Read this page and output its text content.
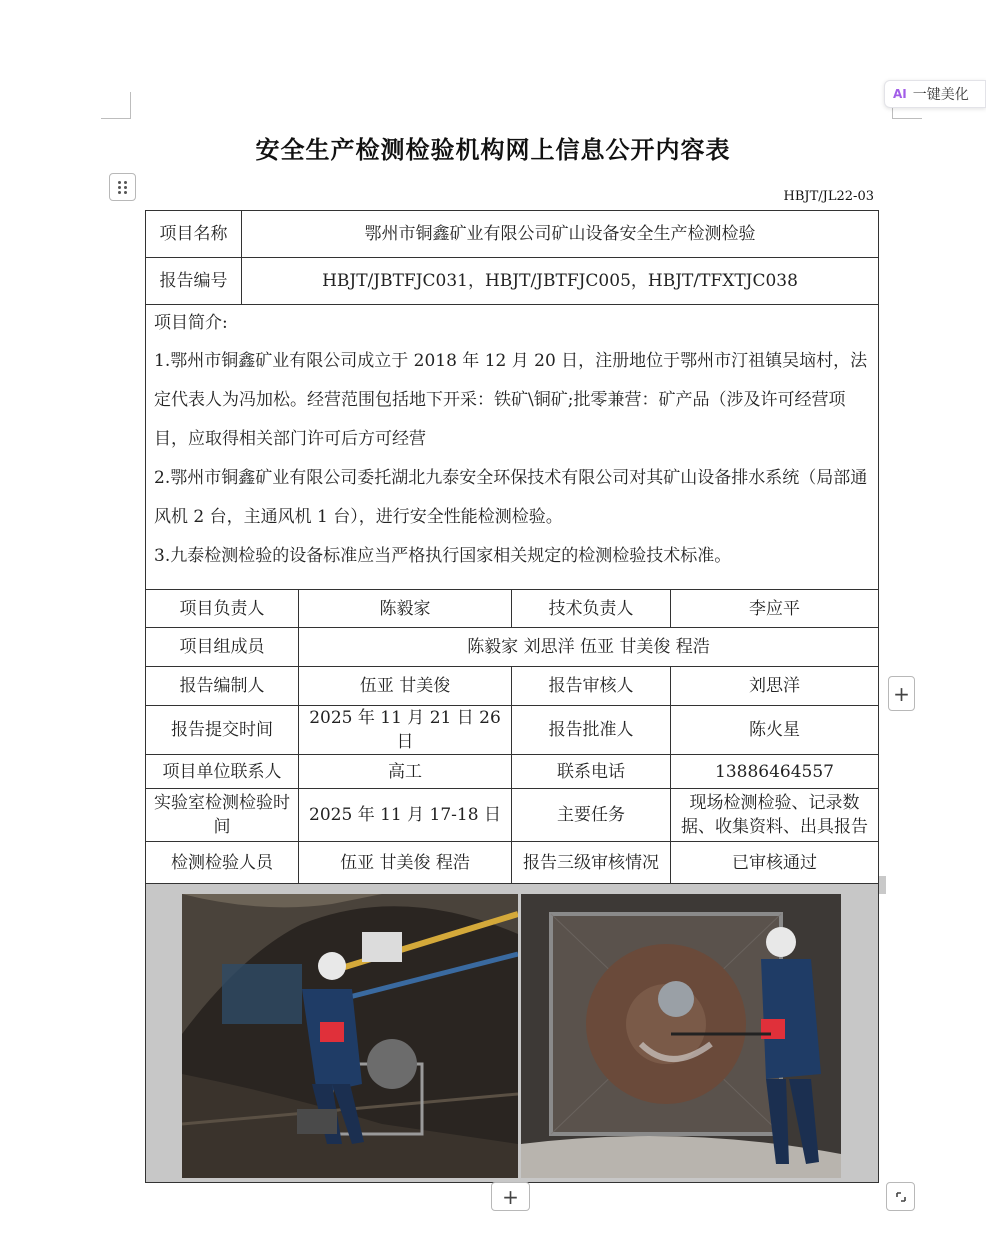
AI 一键美化
安全生产检测检验机构网上信息公开内容表
HBJT/JL22-03
项目名称	鄂州市铜鑫矿业有限公司矿山设备安全生产检测检验			
报告编号	HBJT/JBTFJC031，HBJT/JBTFJC005，HBJT/TFXTJC038			

项目简介:

1.鄂州市铜鑫矿业有限公司成立于 2018 年 12 月 20 日，注册地位于鄂州市汀祖镇吴垴村，法定代表人为冯加松。经营范围包括地下开采：铁矿\铜矿;批零兼营：矿产品（涉及许可经营项目，应取得相关部门许可后方可经营

2.鄂州市铜鑫矿业有限公司委托湖北九泰安全环保技术有限公司对其矿山设备排水系统（局部通风机 2 台，主通风机 1 台），进行安全性能检测检验。

3.九泰检测检验的设备标准应当严格执行国家相关规定的检测检验技术标准。				

项目负责人		陈毅家	技术负责人	李应平
项目组成员		陈毅家 刘思洋 伍亚 甘美俊 程浩		
报告编制人		伍亚 甘美俊	报告审核人	刘思洋
报告提交时间		2025 年 11 月 21 日 26 日	报告批准人	陈火星
项目单位联系人		高工	联系电话	13886464557
实验室检测检验时间		2025 年 11 月 17-18 日	主要任务	现场检测检验、记录数据、收集资料、出具报告
检测检验人员		伍亚 甘美俊 程浩	报告三级审核情况	已审核通过

+
+
